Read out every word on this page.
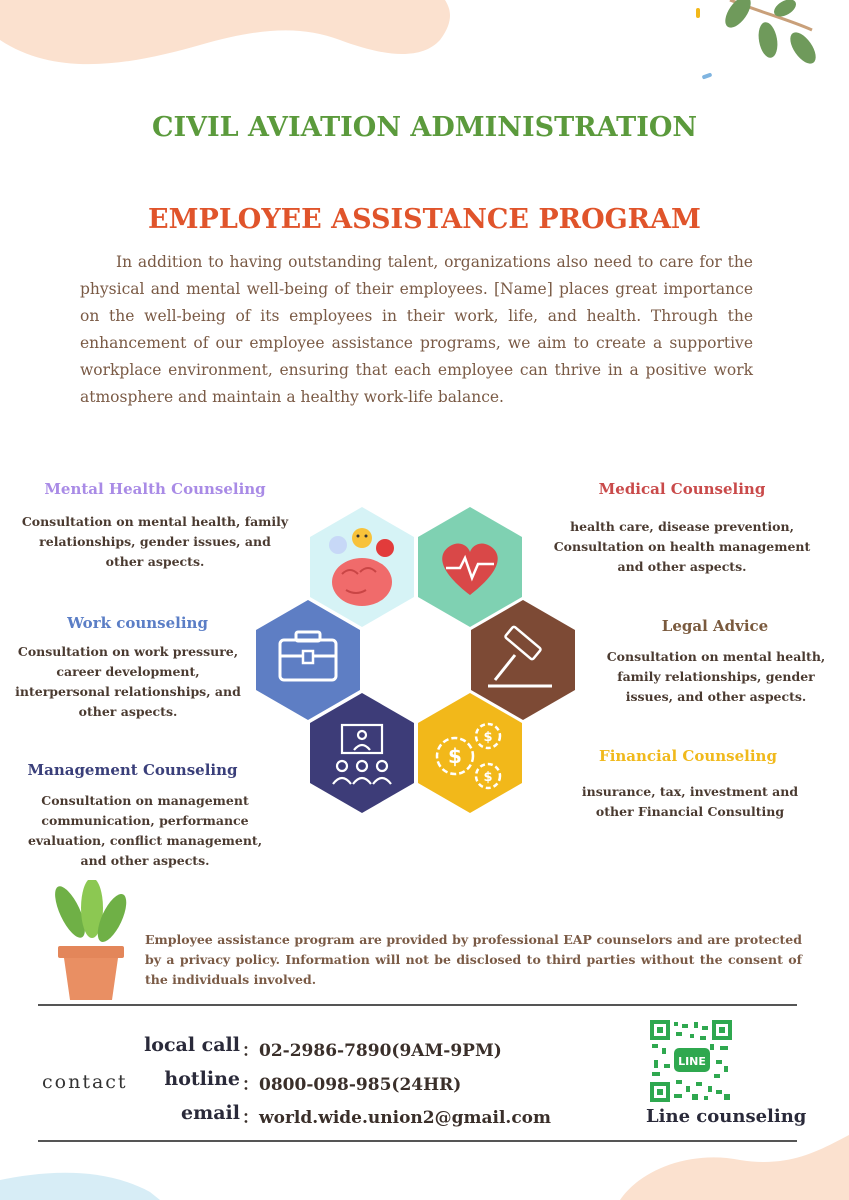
CIVIL AVIATION ADMINISTRATION
EMPLOYEE ASSISTANCE PROGRAM
In addition to having outstanding talent, organizations also need to care for the physical and mental well-being of their employees. [Name] places great importance on the well-being of its employees in their work, life, and health. Through the enhancement of our employee assistance programs, we aim to create a supportive workplace environment, ensuring that each employee can thrive in a positive work atmosphere and maintain a healthy work-life balance.
Mental Health Counseling
Consultation on mental health, family relationships, gender issues, and other aspects.
Work counseling
Consultation on work pressure, career development, interpersonal relationships, and other aspects.
Management Counseling
Consultation on management communication, performance evaluation, conflict management, and other aspects.
Medical Counseling
health care, disease prevention, Consultation on health management and other aspects.
Legal Advice
Consultation on mental health, family relationships, gender issues, and other aspects.
Financial Counseling
insurance, tax, investment and other Financial Consulting
$
$
$
Employee assistance program are provided by professional EAP counselors and are protected by a privacy policy. Information will not be disclosed to third parties without the consent of the individuals involved.
contact
local call ：02-2986-7890(9AM-9PM)
hotline ：0800-098-985(24HR)
email ：world.wide.union2@gmail.com
LINE
Line counseling
